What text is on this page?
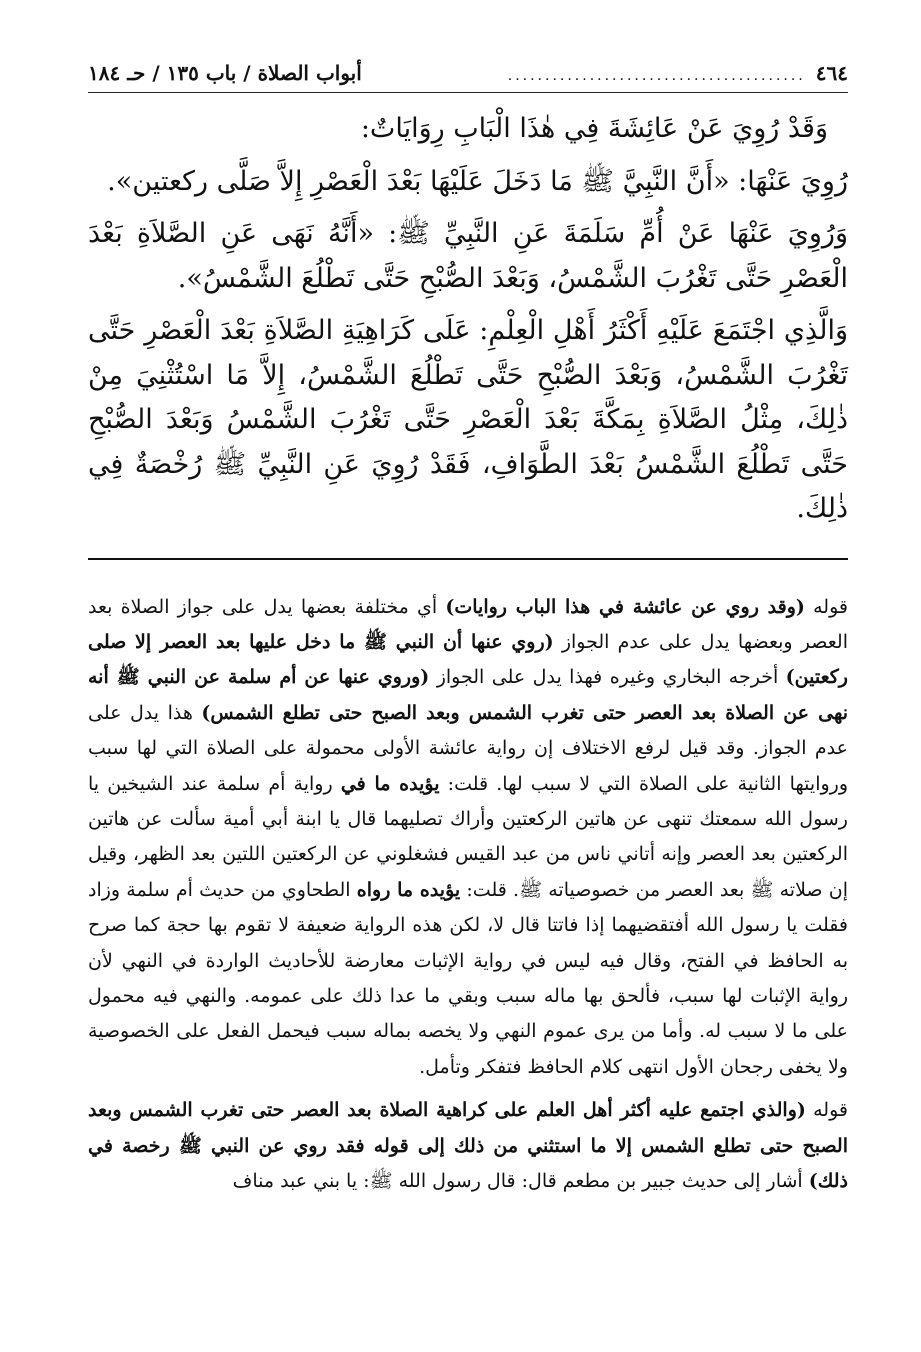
٤٦٤
........................................
أبواب الصلاة / باب ١٣٥ / حـ ١٨٤

وَقَدْ رُوِيَ عَنْ عَائِشَةَ فِي هٰذَا الْبَابِ رِوَايَاتٌ:

رُوِيَ عَنْهَا: «أَنَّ النَّبِيَّ ﷺ مَا دَخَلَ عَلَيْهَا بَعْدَ الْعَصْرِ إِلاَّ صَلَّى ركعتين».

وَرُوِيَ عَنْهَا عَنْ أُمِّ سَلَمَةَ عَنِ النَّبِيِّ ﷺ: «أَنَّهُ نَهَى عَنِ الصَّلاَةِ بَعْدَ الْعَصْرِ حَتَّى تَغْرُبَ الشَّمْسُ، وَبَعْدَ الصُّبْحِ حَتَّى تَطْلُعَ الشَّمْسُ».

وَالَّذِي اجْتَمَعَ عَلَيْهِ أَكْثَرُ أَهْلِ الْعِلْمِ: عَلَى كَرَاهِيَةِ الصَّلاَةِ بَعْدَ الْعَصْرِ حَتَّى تَغْرُبَ الشَّمْسُ، وَبَعْدَ الصُّبْحِ حَتَّى تَطْلُعَ الشَّمْسُ، إِلاَّ مَا اسْتُثْنِيَ مِنْ ذٰلِكَ، مِثْلُ الصَّلاَةِ بِمَكَّةَ بَعْدَ الْعَصْرِ حَتَّى تَغْرُبَ الشَّمْسُ وَبَعْدَ الصُّبْحِ حَتَّى تَطْلُعَ الشَّمْسُ بَعْدَ الطَّوَافِ، فَقَدْ رُوِيَ عَنِ النَّبِيِّ ﷺ رُخْصَةٌ فِي ذٰلِكَ.

قوله (وقد روي عن عائشة في هذا الباب روايات) أي مختلفة بعضها يدل على جواز الصلاة بعد العصر وبعضها يدل على عدم الجواز (روي عنها أن النبي ﷺ ما دخل عليها بعد العصر إلا صلى ركعتين) أخرجه البخاري وغيره فهذا يدل على الجواز (وروي عنها عن أم سلمة عن النبي ﷺ أنه نهى عن الصلاة بعد العصر حتى تغرب الشمس وبعد الصبح حتى تطلع الشمس) هذا يدل على عدم الجواز. وقد قيل لرفع الاختلاف إن رواية عائشة الأولى محمولة على الصلاة التي لها سبب وروايتها الثانية على الصلاة التي لا سبب لها. قلت: يؤيده ما في رواية أم سلمة عند الشيخين يا رسول الله سمعتك تنهى عن هاتين الركعتين وأراك تصليهما قال يا ابنة أبي أمية سألت عن هاتين الركعتين بعد العصر وإنه أتاني ناس من عبد القيس فشغلوني عن الركعتين اللتين بعد الظهر، وقيل إن صلاته ﷺ بعد العصر من خصوصياته ﷺ. قلت: يؤيده ما رواه الطحاوي من حديث أم سلمة وزاد فقلت يا رسول الله أفتقضيهما إذا فاتتا قال لا، لكن هذه الرواية ضعيفة لا تقوم بها حجة كما صرح به الحافظ في الفتح، وقال فيه ليس في رواية الإثبات معارضة للأحاديث الواردة في النهي لأن رواية الإثبات لها سبب، فألحق بها ماله سبب وبقي ما عدا ذلك على عمومه. والنهي فيه محمول على ما لا سبب له. وأما من يرى عموم النهي ولا يخصه بماله سبب فيحمل الفعل على الخصوصية ولا يخفى رجحان الأول انتهى كلام الحافظ فتفكر وتأمل.

قوله (والذي اجتمع عليه أكثر أهل العلم على كراهية الصلاة بعد العصر حتى تغرب الشمس وبعد الصبح حتى تطلع الشمس إلا ما استثني من ذلك إلى قوله فقد روي عن النبي ﷺ رخصة في ذلك) أشار إلى حديث جبير بن مطعم قال: قال رسول الله ﷺ: يا بني عبد مناف
